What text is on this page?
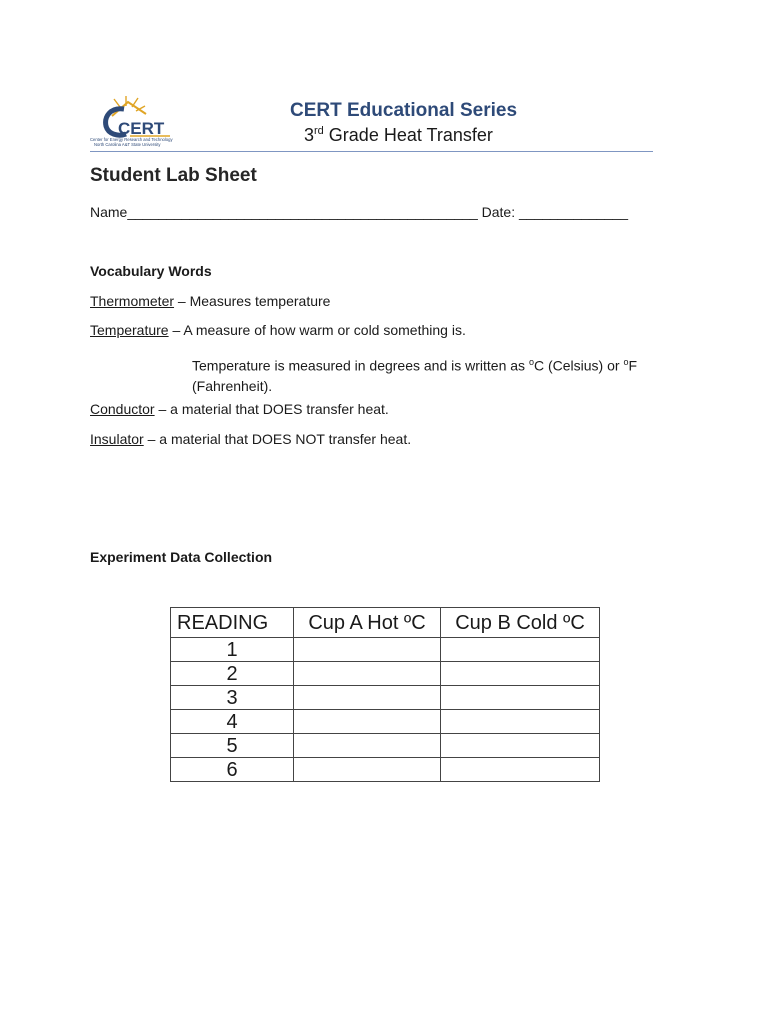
CERT
Center for Energy Research and Technology
North Carolina A&T State University
CERT Educational Series
3rd Grade Heat Transfer
Student Lab Sheet
Name_____________________________________________ Date: ______________
Vocabulary Words
Thermometer – Measures temperature
Temperature – A measure of how warm or cold something is.
Temperature is measured in degrees and is written as $^o$C (Celsius) or $^o$F (Fahrenheit).
Conductor – a material that DOES transfer heat.
Insulator – a material that DOES NOT transfer heat.
Experiment Data Collection
READING	Cup A Hot ºC	Cup B Cold ºC
1		
2		
3		
4		
5		
6		
